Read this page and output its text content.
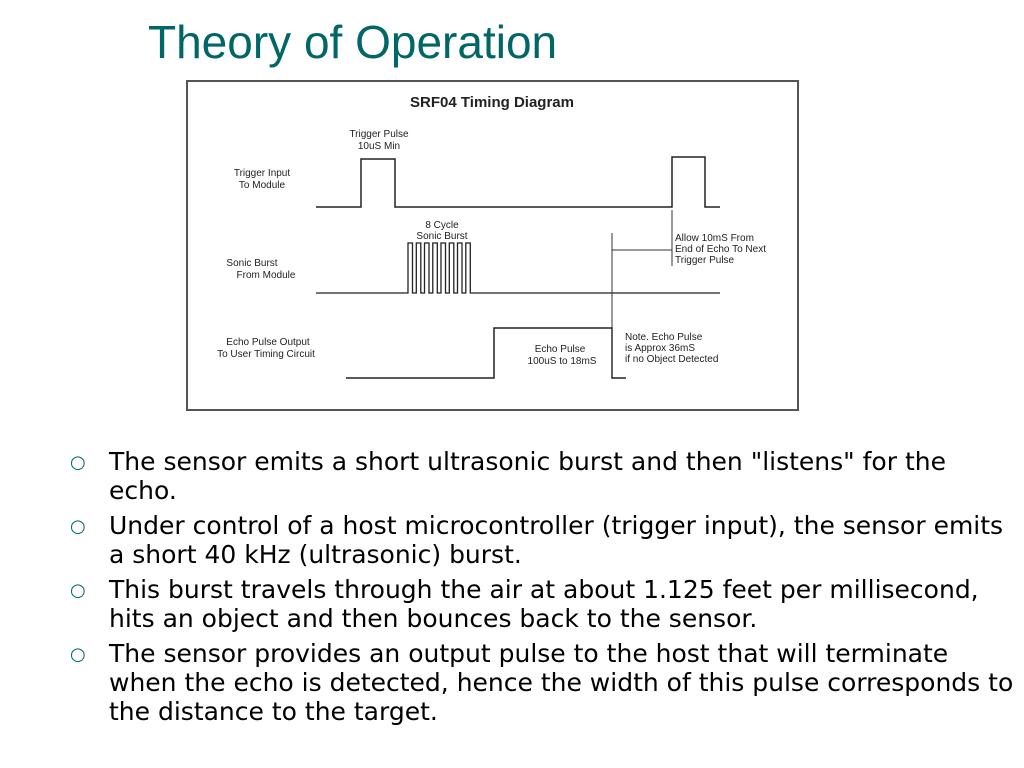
Theory of Operation
SRF04 Timing Diagram
Trigger Input
To Module
Sonic Burst
From Module
Echo Pulse Output
To User Timing Circuit
Trigger Pulse
10uS Min
8 Cycle
Sonic Burst	Allow 10mS From
End of Echo To Next
Trigger Pulse
Echo Pulse
100uS to 18mS
Note. Echo Pulse
is Approx 36mS
if no Object Detected
○ The sensor emits a short ultrasonic burst and then "listens" for the echo.
○ Under control of a host microcontroller (trigger input), the sensor emits a short 40 kHz (ultrasonic) burst.
○ This burst travels through the air at about 1.125 feet per millisecond, hits an object and then bounces back to the sensor.
○ The sensor provides an output pulse to the host that will terminate when the echo is detected, hence the width of this pulse corresponds to the distance to the target.
